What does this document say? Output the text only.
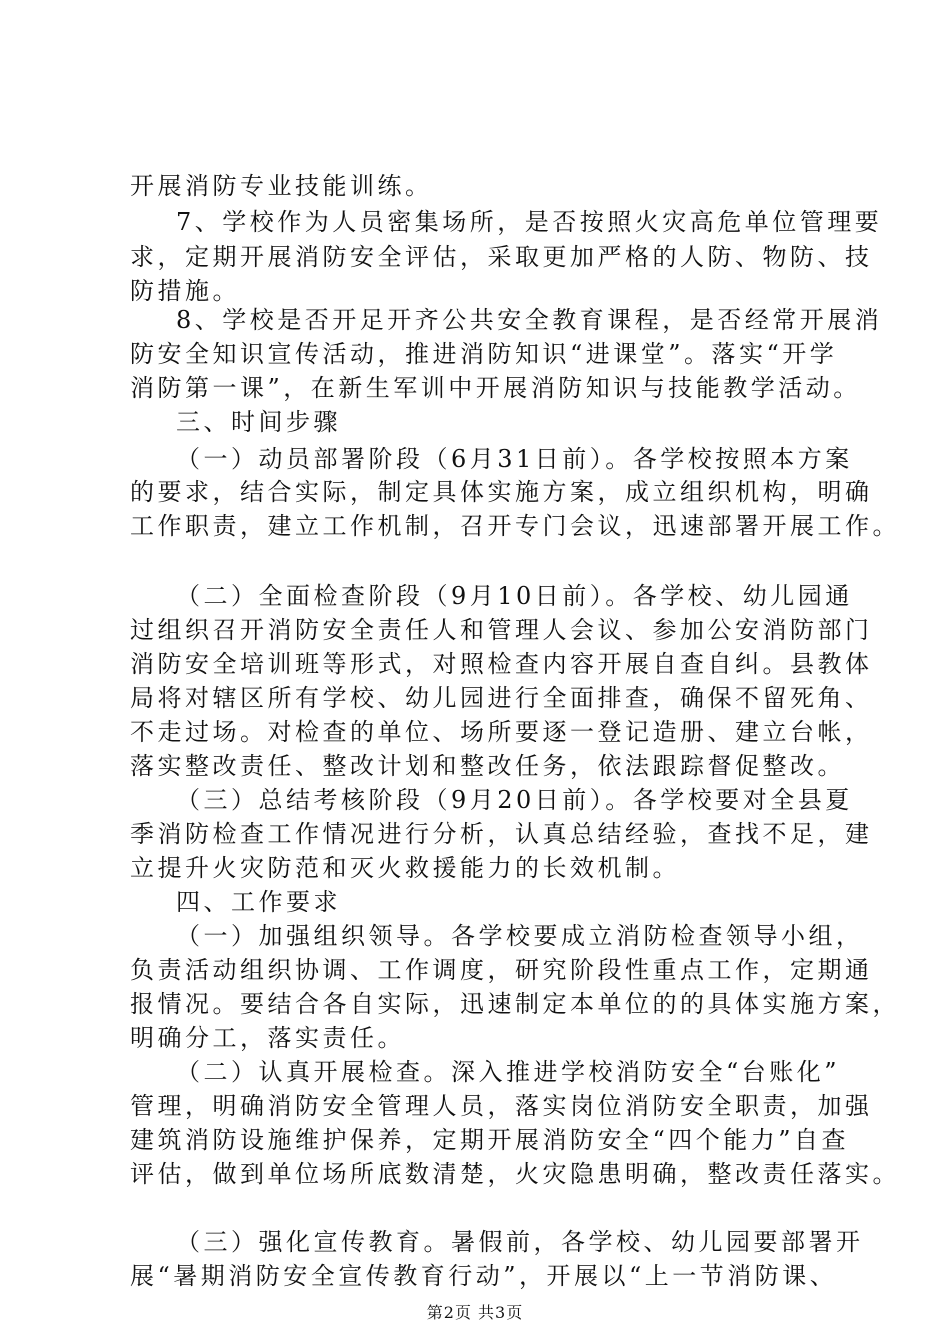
开展消防专业技能训练。
7、学校作为人员密集场所，是否按照火灾高危单位管理要
求，定期开展消防安全评估，采取更加严格的人防、物防、技
防措施。
8、学校是否开足开齐公共安全教育课程，是否经常开展消
防安全知识宣传活动，推进消防知识“进课堂”。落实“开学
消防第一课”，在新生军训中开展消防知识与技能教学活动。
三、时间步骤
（一）动员部署阶段（6月31日前）。各学校按照本方案
的要求，结合实际，制定具体实施方案，成立组织机构，明确
工作职责，建立工作机制，召开专门会议，迅速部署开展工作。
（二）全面检查阶段（9月10日前）。各学校、幼儿园通
过组织召开消防安全责任人和管理人会议、参加公安消防部门
消防安全培训班等形式，对照检查内容开展自查自纠。县教体
局将对辖区所有学校、幼儿园进行全面排查，确保不留死角、
不走过场。对检查的单位、场所要逐一登记造册、建立台帐，
落实整改责任、整改计划和整改任务，依法跟踪督促整改。
（三）总结考核阶段（9月20日前）。各学校要对全县夏
季消防检查工作情况进行分析，认真总结经验，查找不足，建
立提升火灾防范和灭火救援能力的长效机制。
四、工作要求
（一）加强组织领导。各学校要成立消防检查领导小组，
负责活动组织协调、工作调度，研究阶段性重点工作，定期通
报情况。要结合各自实际，迅速制定本单位的的具体实施方案，
明确分工，落实责任。
（二）认真开展检查。深入推进学校消防安全“台账化”
管理，明确消防安全管理人员，落实岗位消防安全职责，加强
建筑消防设施维护保养，定期开展消防安全“四个能力”自查
评估，做到单位场所底数清楚，火灾隐患明确，整改责任落实。
（三）强化宣传教育。暑假前，各学校、幼儿园要部署开
展“暑期消防安全宣传教育行动”，开展以“上一节消防课、
第2页 共3页
